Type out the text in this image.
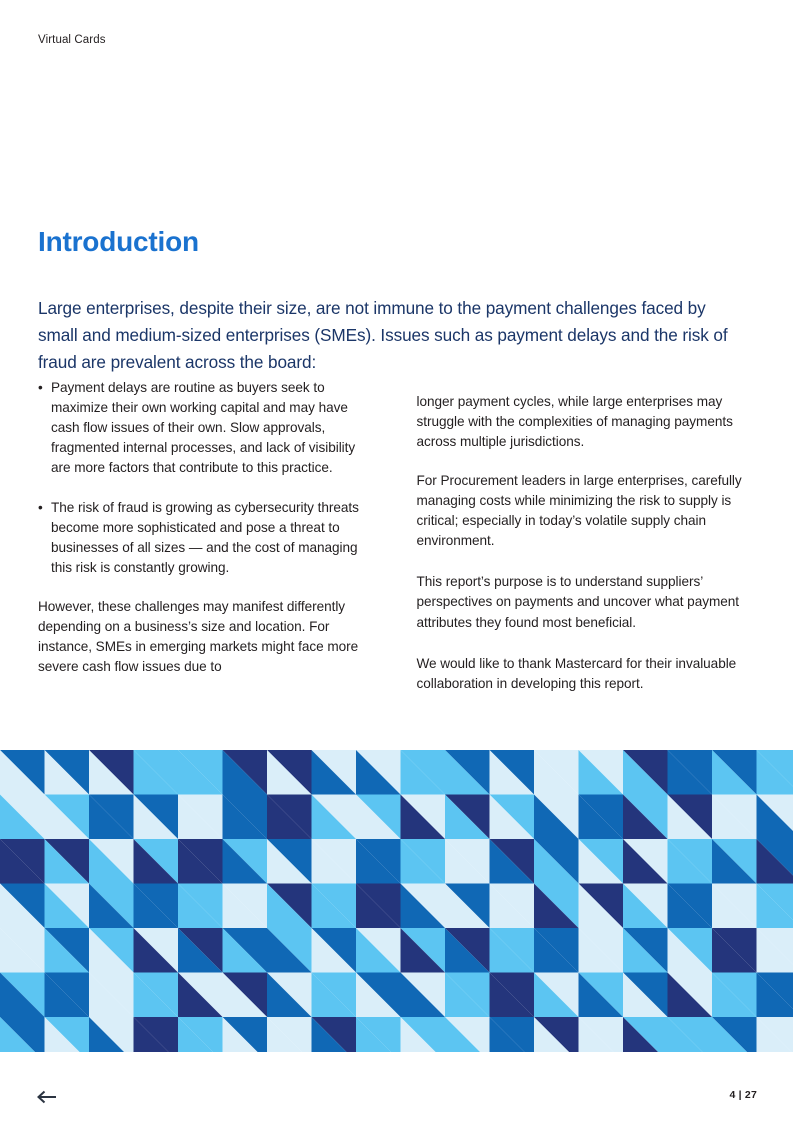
Virtual Cards
Introduction

Large enterprises, despite their size, are not immune to the payment challenges faced by small and medium-sized enterprises (SMEs). Issues such as payment delays and the risk of fraud are prevalent across the board:

• Payment delays are routine as buyers seek to maximize their own working capital and may have cash flow issues of their own. Slow approvals, fragmented internal processes, and lack of visibility are more factors that contribute to this practice.
• The risk of fraud is growing as cybersecurity threats become more sophisticated and pose a threat to businesses of all sizes — and the cost of managing this risk is constantly growing.

However, these challenges may manifest differently depending on a business’s size and location. For instance, SMEs in emerging markets might face more severe cash flow issues due to

longer payment cycles, while large enterprises may struggle with the complexities of managing payments across multiple jurisdictions.

For Procurement leaders in large enterprises, carefully managing costs while minimizing the risk to supply is critical; especially in today’s volatile supply chain environment.

This report’s purpose is to understand suppliers’ perspectives on payments and uncover what payment attributes they found most beneficial.

We would like to thank Mastercard for their invaluable collaboration in developing this report.

4 | 27
